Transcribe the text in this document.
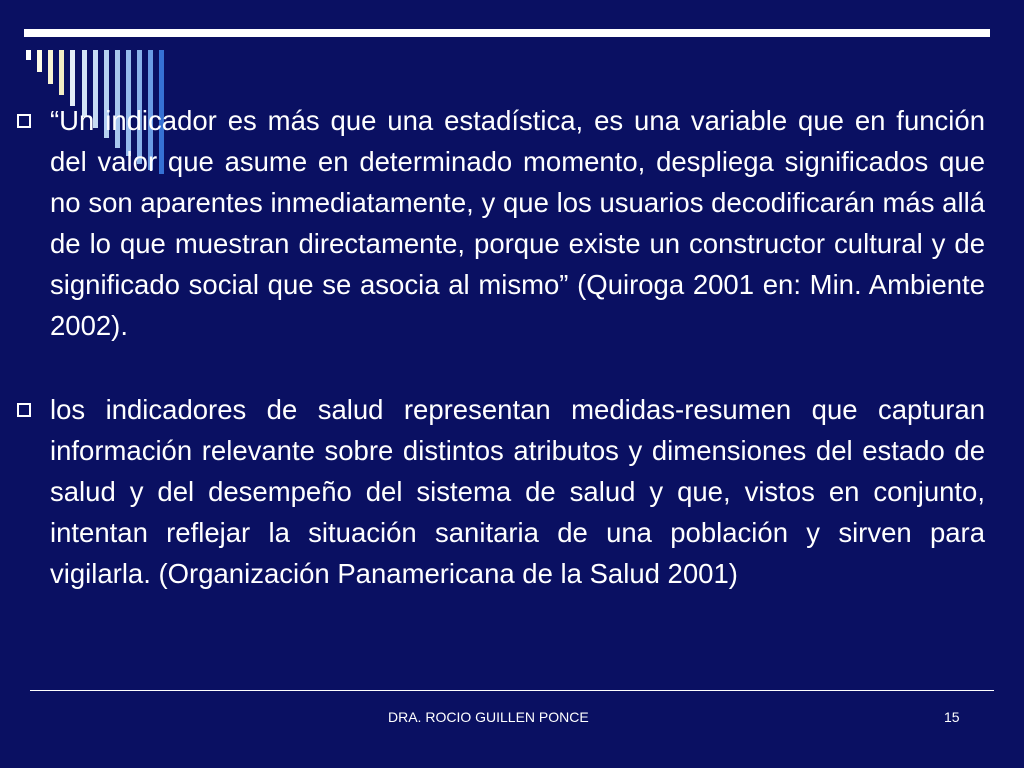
“Un indicador es más que una estadística, es una variable que en función del valor que asume en determinado momento, despliega significados que no son aparentes inmediatamente, y que los usuarios decodificarán más allá de lo que muestran directamente, porque existe un constructor cultural y de significado social que se asocia al mismo” (Quiroga 2001 en: Min. Ambiente 2002).
los indicadores de salud representan medidas-resumen que capturan información relevante sobre distintos atributos y dimensiones del estado de salud y del desempeño del sistema de salud y que, vistos en conjunto, intentan reflejar la situación sanitaria de una población y sirven para vigilarla. (Organización Panamericana de la Salud 2001)
DRA. ROCIO GUILLEN PONCE	15
